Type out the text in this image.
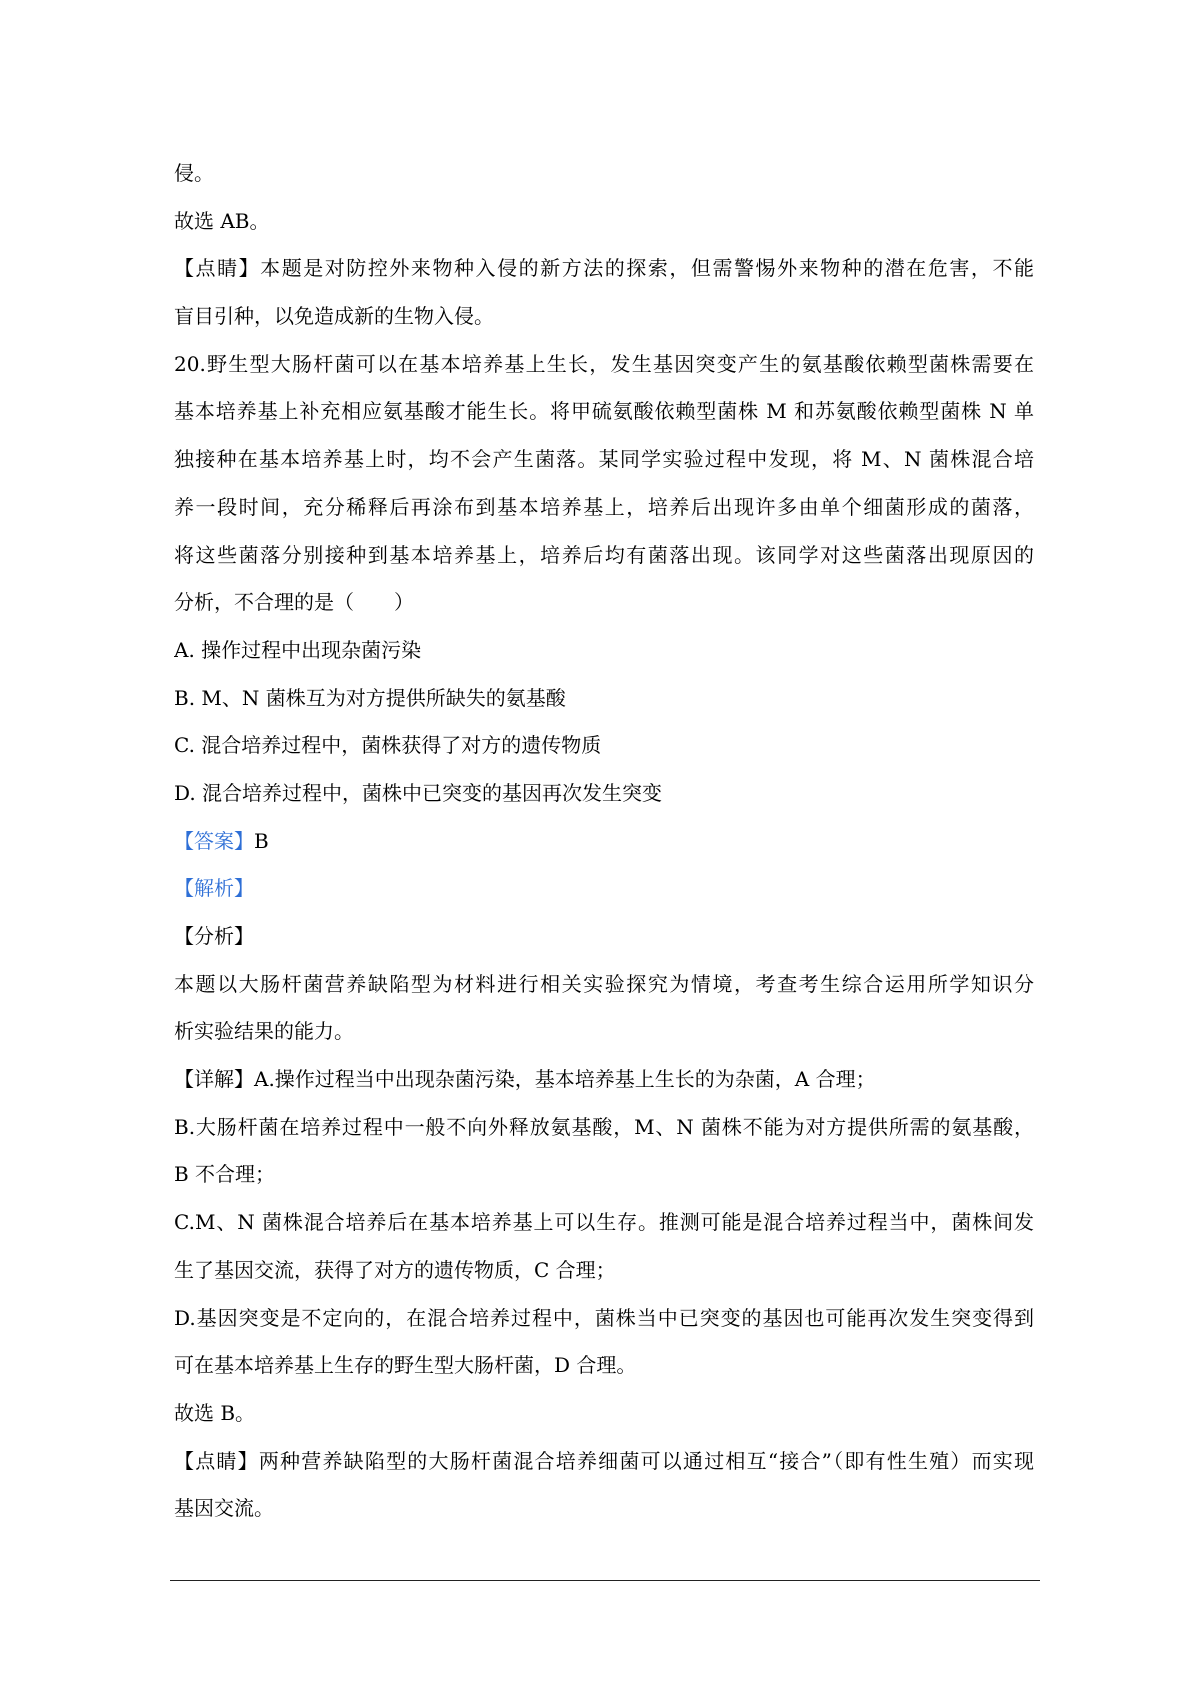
侵。

故选 AB。

【点睛】本题是对防控外来物种入侵的新方法的探索，但需警惕外来物种的潜在危害，不能

盲目引种，以免造成新的生物入侵。

20.野生型大肠杆菌可以在基本培养基上生长，发生基因突变产生的氨基酸依赖型菌株需要在

基本培养基上补充相应氨基酸才能生长。将甲硫氨酸依赖型菌株 M 和苏氨酸依赖型菌株 N 单

独接种在基本培养基上时，均不会产生菌落。某同学实验过程中发现，将 M、N 菌株混合培

养一段时间，充分稀释后再涂布到基本培养基上，培养后出现许多由单个细菌形成的菌落，

将这些菌落分别接种到基本培养基上，培养后均有菌落出现。该同学对这些菌落出现原因的

分析，不合理的是（　　）

A. 操作过程中出现杂菌污染

B. M、N 菌株互为对方提供所缺失的氨基酸

C. 混合培养过程中，菌株获得了对方的遗传物质

D. 混合培养过程中，菌株中已突变的基因再次发生突变

【答案】B

【解析】

【分析】

本题以大肠杆菌营养缺陷型为材料进行相关实验探究为情境，考查考生综合运用所学知识分

析实验结果的能力。

【详解】A.操作过程当中出现杂菌污染，基本培养基上生长的为杂菌，A 合理；

B.大肠杆菌在培养过程中一般不向外释放氨基酸，M、N 菌株不能为对方提供所需的氨基酸，

B 不合理；

C.M、N 菌株混合培养后在基本培养基上可以生存。推测可能是混合培养过程当中，菌株间发

生了基因交流，获得了对方的遗传物质，C 合理；

D.基因突变是不定向的，在混合培养过程中，菌株当中已突变的基因也可能再次发生突变得到

可在基本培养基上生存的野生型大肠杆菌，D 合理。

故选 B。

【点睛】两种营养缺陷型的大肠杆菌混合培养细菌可以通过相互“接合”（即有性生殖）而实现

基因交流。
